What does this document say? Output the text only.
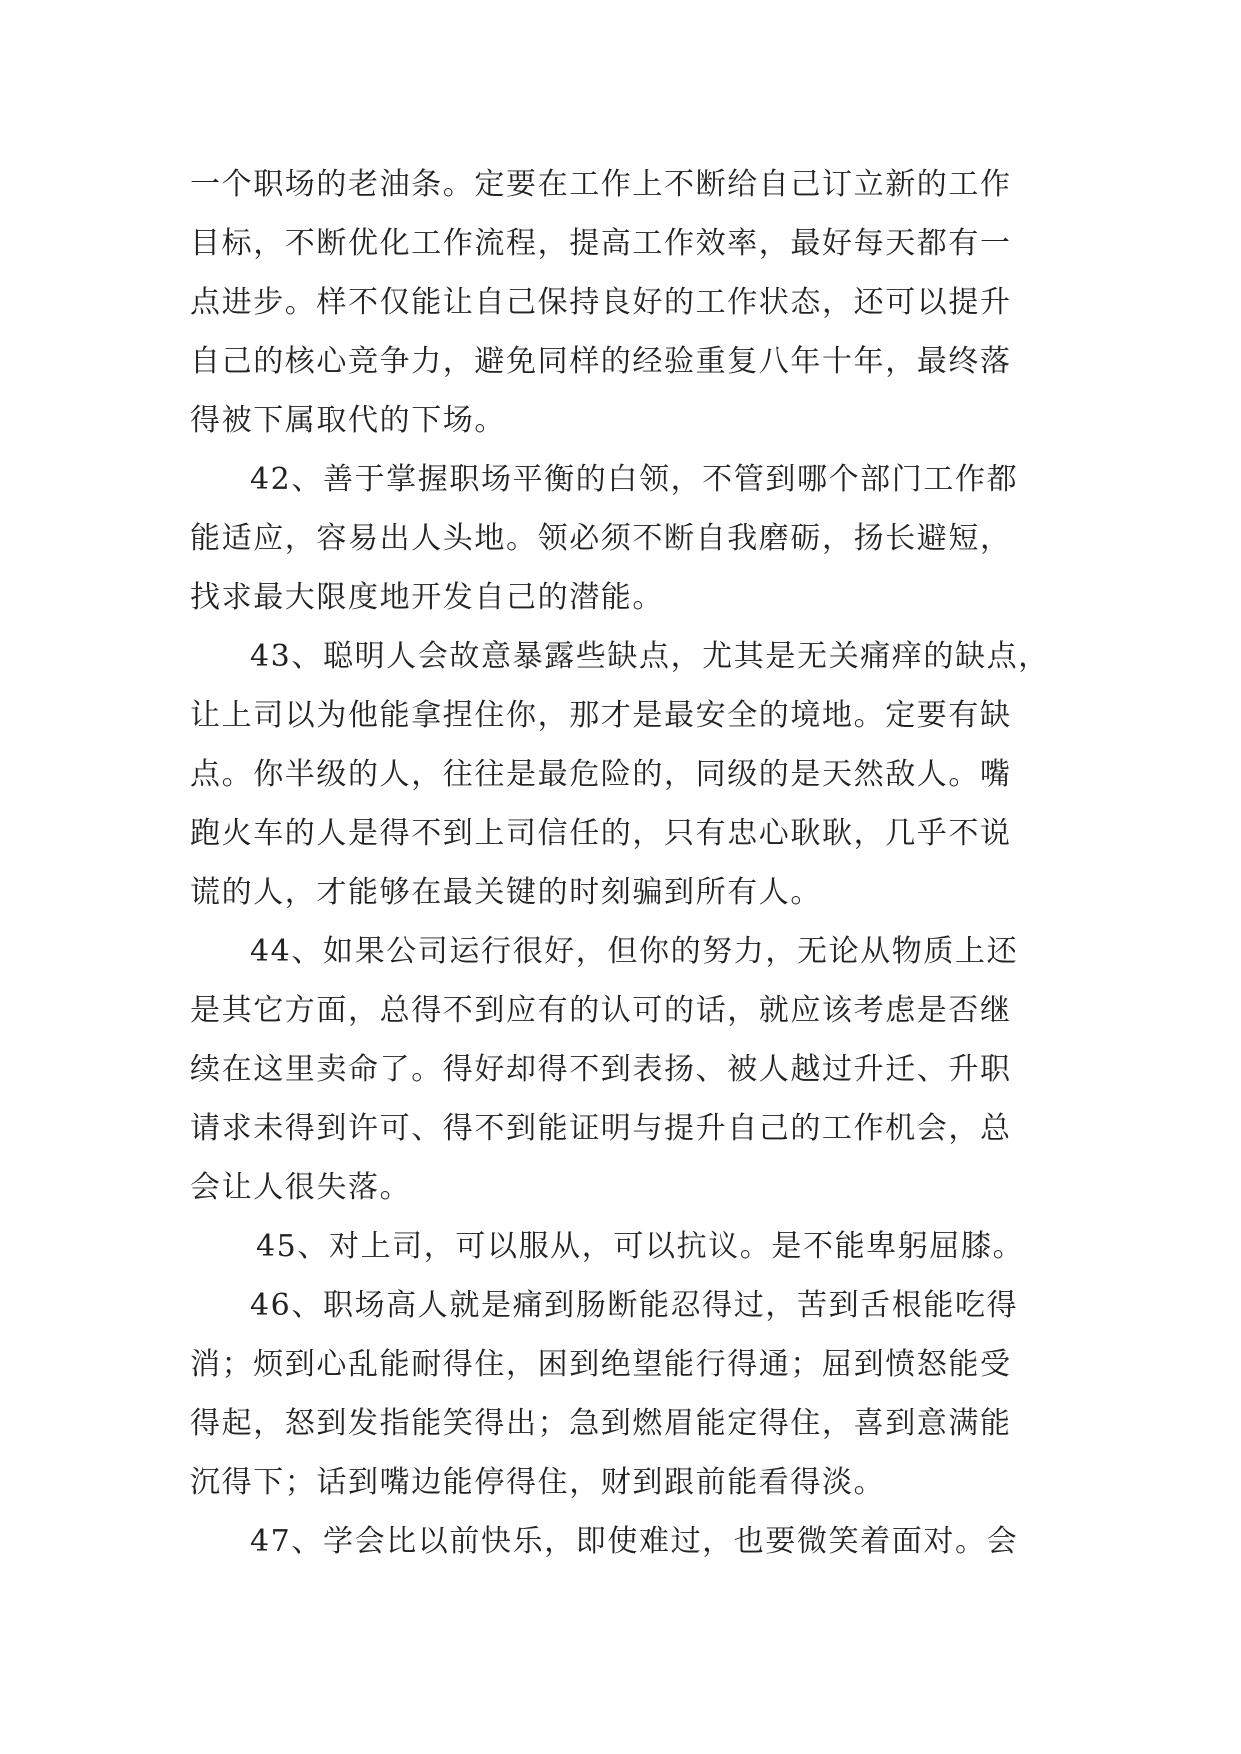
一个职场的老油条。定要在工作上不断给自己订立新的工作
目标，不断优化工作流程，提高工作效率，最好每天都有一
点进步。样不仅能让自己保持良好的工作状态，还可以提升
自己的核心竞争力，避免同样的经验重复八年十年，最终落
得被下属取代的下场。
42、善于掌握职场平衡的白领，不管到哪个部门工作都
能适应，容易出人头地。领必须不断自我磨砺，扬长避短，
找求最大限度地开发自己的潜能。
43、聪明人会故意暴露些缺点，尤其是无关痛痒的缺点，
让上司以为他能拿捏住你，那才是最安全的境地。定要有缺
点。你半级的人，往往是最危险的，同级的是天然敌人。嘴
跑火车的人是得不到上司信任的，只有忠心耿耿，几乎不说
谎的人，才能够在最关键的时刻骗到所有人。
44、如果公司运行很好，但你的努力，无论从物质上还
是其它方面，总得不到应有的认可的话，就应该考虑是否继
续在这里卖命了。得好却得不到表扬、被人越过升迁、升职
请求未得到许可、得不到能证明与提升自己的工作机会，总
会让人很失落。
45、对上司，可以服从，可以抗议。是不能卑躬屈膝。
46、职场高人就是痛到肠断能忍得过，苦到舌根能吃得
消；烦到心乱能耐得住，困到绝望能行得通；屈到愤怒能受
得起，怒到发指能笑得出；急到燃眉能定得住，喜到意满能
沉得下；话到嘴边能停得住，财到跟前能看得淡。
47、学会比以前快乐，即使难过，也要微笑着面对。会
